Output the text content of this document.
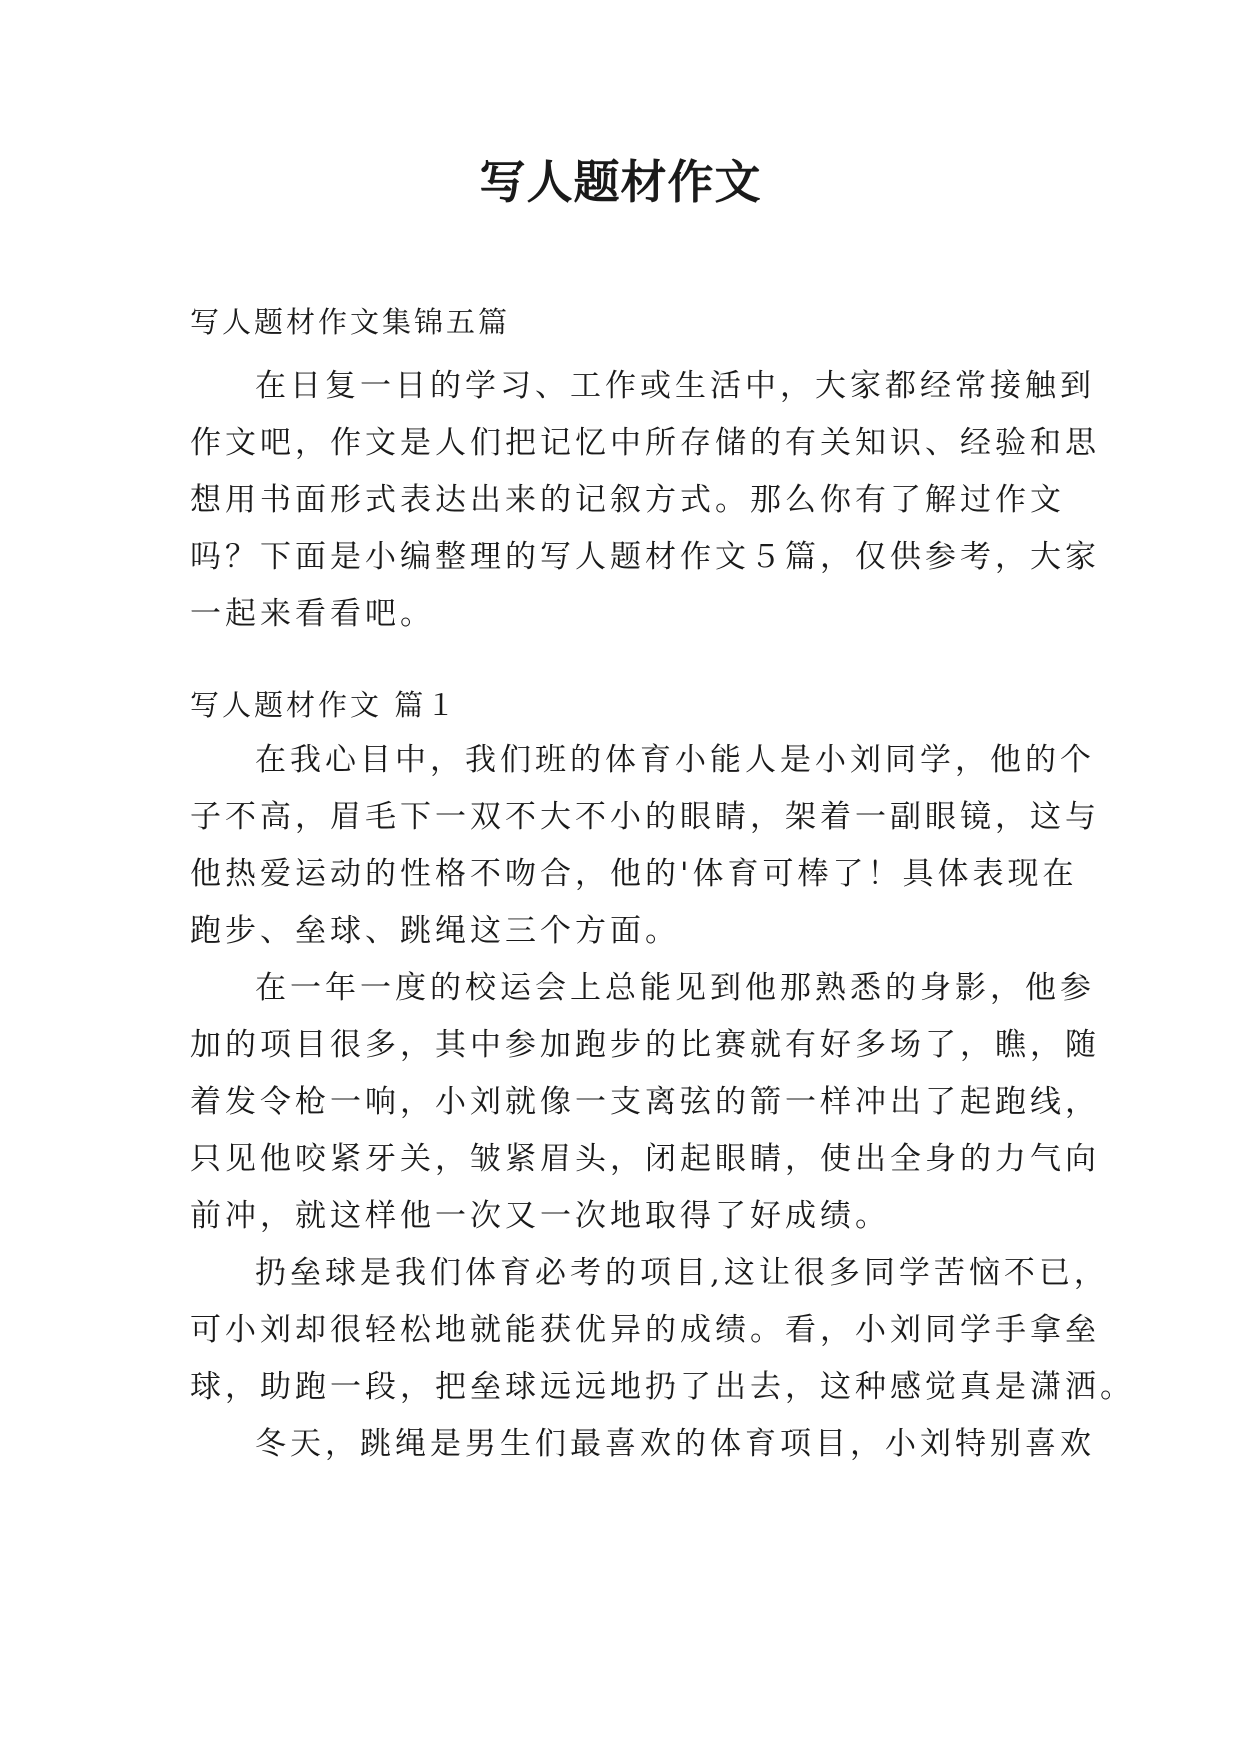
写人题材作文

写人题材作文集锦五篇

在日复一日的学习、工作或生活中，大家都经常接触到

作文吧，作文是人们把记忆中所存储的有关知识、经验和思

想用书面形式表达出来的记叙方式。那么你有了解过作文

吗？下面是小编整理的写人题材作文５篇，仅供参考，大家

一起来看看吧。

写人题材作文 篇１

在我心目中，我们班的体育小能人是小刘同学，他的个

子不高，眉毛下一双不大不小的眼睛，架着一副眼镜，这与

他热爱运动的性格不吻合，他的'体育可棒了！具体表现在

跑步、垒球、跳绳这三个方面。

在一年一度的校运会上总能见到他那熟悉的身影，他参

加的项目很多，其中参加跑步的比赛就有好多场了，瞧，随

着发令枪一响，小刘就像一支离弦的箭一样冲出了起跑线，

只见他咬紧牙关，皱紧眉头，闭起眼睛，使出全身的力气向

前冲，就这样他一次又一次地取得了好成绩。

扔垒球是我们体育必考的项目,这让很多同学苦恼不已，

可小刘却很轻松地就能获优异的成绩。看，小刘同学手拿垒

球，助跑一段，把垒球远远地扔了出去，这种感觉真是潇洒。

冬天，跳绳是男生们最喜欢的体育项目，小刘特别喜欢
